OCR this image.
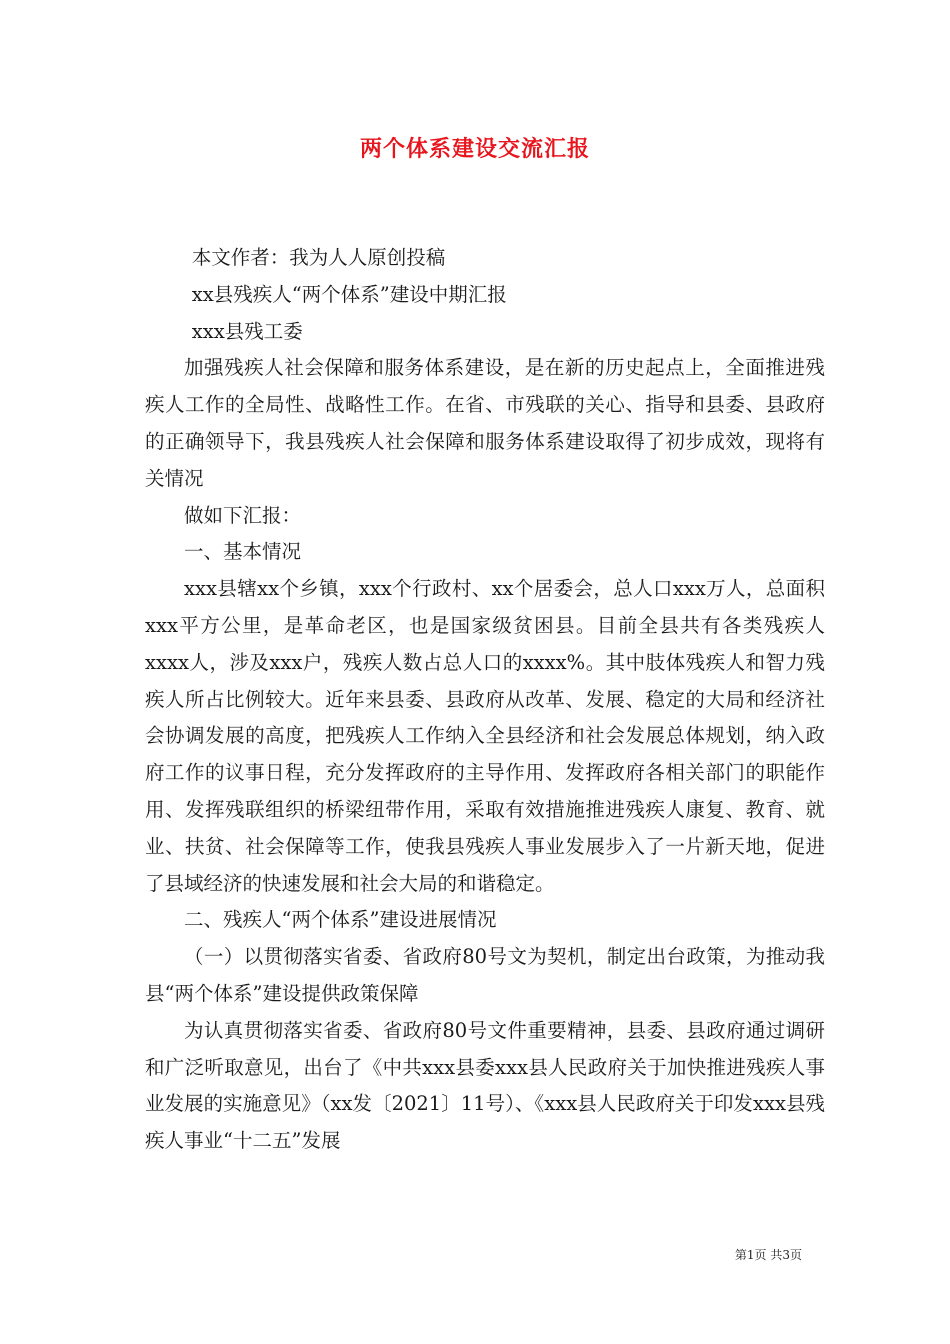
两个体系建设交流汇报

本文作者：我为人人原创投稿

xx县残疾人“两个体系”建设中期汇报

xxx县残工委

加强残疾人社会保障和服务体系建设，是在新的历史起点上，全面推进残疾人工作的全局性、战略性工作。在省、市残联的关心、指导和县委、县政府的正确领导下，我县残疾人社会保障和服务体系建设取得了初步成效，现将有关情况

做如下汇报：

一、基本情况

xxx县辖xx个乡镇，xxx个行政村、xx个居委会，总人口xxx万人，总面积xxx平方公里，是革命老区，也是国家级贫困县。目前全县共有各类残疾人xxxx人，涉及xxx户，残疾人数占总人口的xxxx%。其中肢体残疾人和智力残疾人所占比例较大。近年来县委、县政府从改革、发展、稳定的大局和经济社会协调发展的高度，把残疾人工作纳入全县经济和社会发展总体规划，纳入政府工作的议事日程，充分发挥政府的主导作用、发挥政府各相关部门的职能作用、发挥残联组织的桥梁纽带作用，采取有效措施推进残疾人康复、教育、就业、扶贫、社会保障等工作，使我县残疾人事业发展步入了一片新天地，促进了县域经济的快速发展和社会大局的和谐稳定。

二、残疾人“两个体系”建设进展情况

（一）以贯彻落实省委、省政府80号文为契机，制定出台政策，为推动我县“两个体系”建设提供政策保障

为认真贯彻落实省委、省政府80号文件重要精神，县委、县政府通过调研和广泛听取意见，出台了《中共xxx县委xxx县人民政府关于加快推进残疾人事业发展的实施意见》（xx发〔2021〕11号）、《xxx县人民政府关于印发xxx县残疾人事业“十二五”发展

第1页 共3页
